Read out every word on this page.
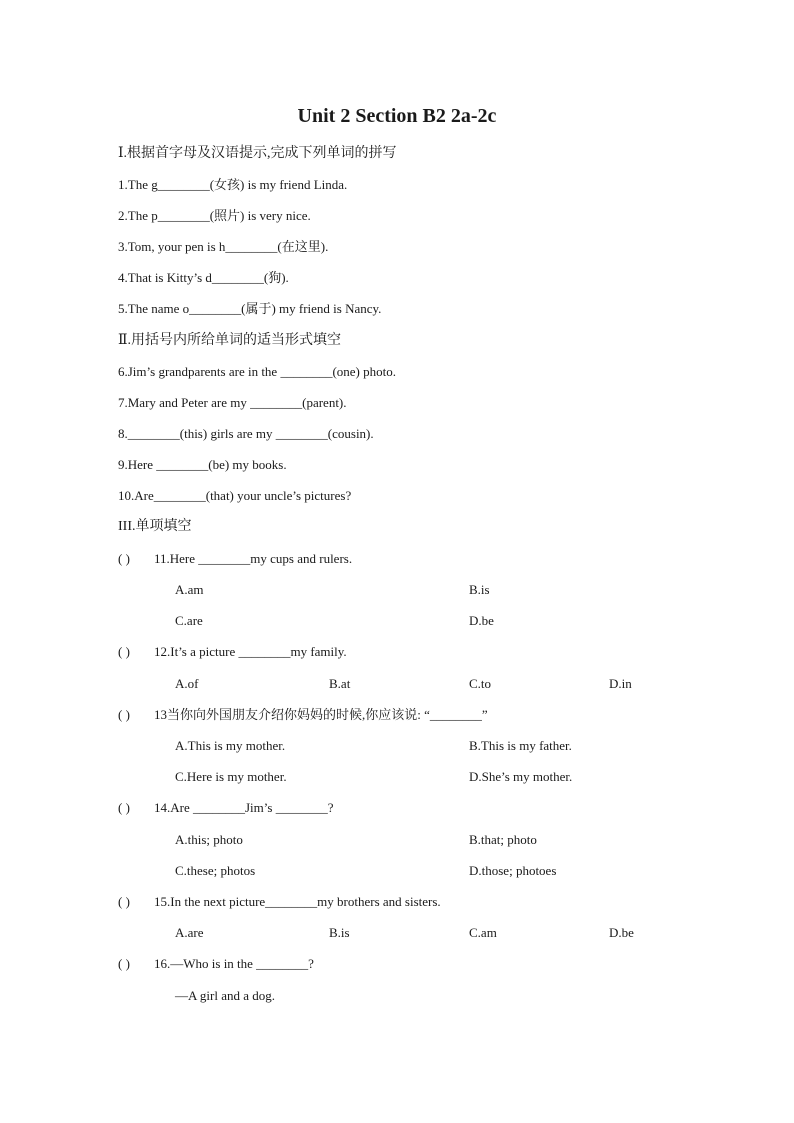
Unit 2 Section B2 2a-2c
Ⅰ.根据首字母及汉语提示,完成下列单词的拼写
1.The g________(女孩) is my friend Linda.
2.The p________(照片) is very nice.
3.Tom, your pen is h________(在这里).
4.That is Kitty’s d________(狗).
5.The name o________(属于) my friend is Nancy.
Ⅱ.用括号内所给单词的适当形式填空
6.Jim’s grandparents are in the ________(one) photo.
7.Mary and Peter are my ________(parent).
8.________(this) girls are my ________(cousin).
9.Here ________(be) my books.
10.Are________(that) your uncle’s pictures?
III.单项填空
( ) 11.Here ________my cups and rulers.
A.am	B.is
C.are	D.be
( ) 12.It’s a picture ________my family.
A.of	B.at	C.to	D.in
( ) 13当你向外国朋友介绍你妈妈的时候,你应该说: “________”
A.This is my mother.	B.This is my father.
C.Here is my mother.	D.She’s my mother.
( ) 14.Are ________Jim’s ________?
A.this; photo	B.that; photo
C.these; photos	D.those; photoes
( ) 15.In the next picture________my brothers and sisters.
A.are	B.is	C.am	D.be
( ) 16.—Who is in the ________?
—A girl and a dog.
